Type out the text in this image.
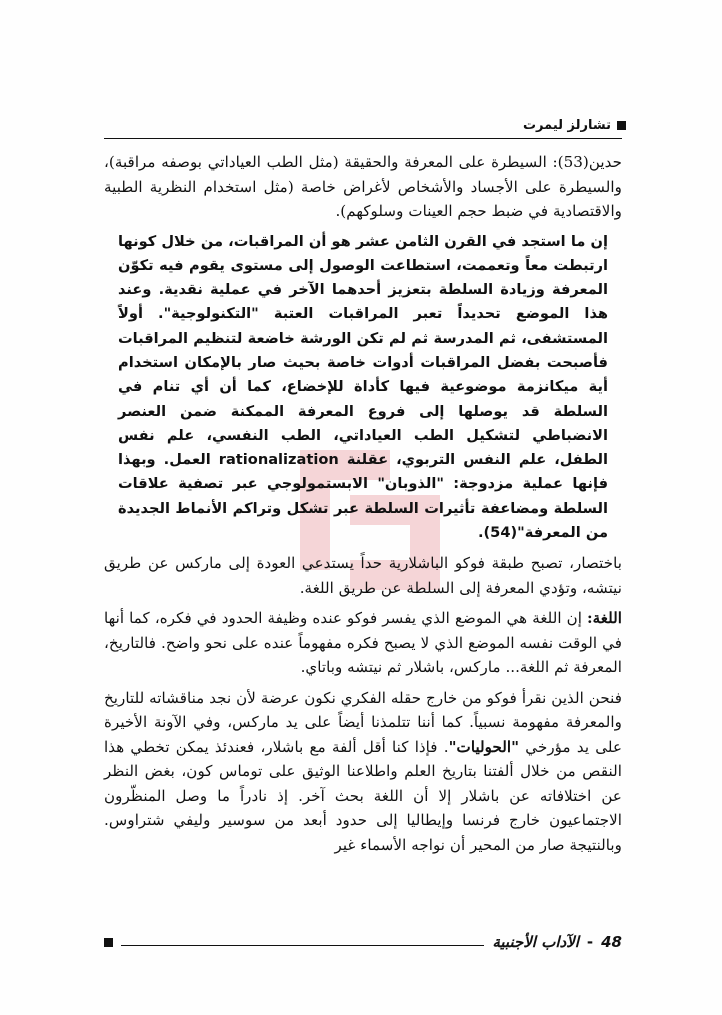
تشارلز ليمرت

حدين(53): السيطرة على المعرفة والحقيقة (مثل الطب العياداتي بوصفه مراقبة)، والسيطرة على الأجساد والأشخاص لأغراض خاصة (مثل استخدام النظرية الطبية والاقتصادية في ضبط حجم العينات وسلوكهم).

إن ما استجد في القرن الثامن عشر هو أن المراقبات، من خلال كونها ارتبطت معاً وتعممت، استطاعت الوصول إلى مستوى يقوم فيه تكوّن المعرفة وزيادة السلطة بتعزيز أحدهما الآخر في عملية نقدية. وعند هذا الموضع تحديداً تعبر المراقبات العتبة "التكنولوجية". أولاً المستشفى، ثم المدرسة ثم لم تكن الورشة خاضعة لتنظيم المراقبات فأصبحت بفضل المراقبات أدوات خاصة بحيث صار بالإمكان استخدام أية ميكانزمة موضوعية فيها كأداة للإخضاع، كما أن أي تنام في السلطة قد يوصلها إلى فروع المعرفة الممكنة ضمن العنصر الانضباطي لتشكيل الطب العياداتي، الطب النفسي، علم نفس الطفل، علم النفس التربوي، عقلنة rationalization العمل. وبهذا فإنها عملية مزدوجة: "الذوبان" الابستمولوجي عبر تصفية علاقات السلطة ومضاعفة تأثيرات السلطة عبر تشكل وتراكم الأنماط الجديدة من المعرفة"(54).

باختصار، تصبح طبقة فوكو الباشلارية حداً يستدعي العودة إلى ماركس عن طريق نيتشه، وتؤدي المعرفة إلى السلطة عن طريق اللغة.

اللغة: إن اللغة هي الموضع الذي يفسر فوكو عنده وظيفة الحدود في فكره، كما أنها في الوقت نفسه الموضع الذي لا يصبح فكره مفهوماً عنده على نحو واضح. فالتاريخ، المعرفة ثم اللغة... ماركس، باشلار ثم نيتشه وباتاي.

فنحن الذين نقرأ فوكو من خارج حقله الفكري نكون عرضة لأن نجد مناقشاته للتاريخ والمعرفة مفهومة نسبياً. كما أننا تتلمذنا أيضاً على يد ماركس، وفي الآونة الأخيرة على يد مؤرخي "الحوليات". فإذا كنا أقل ألفة مع باشلار، فعندئذ يمكن تخطي هذا النقص من خلال ألفتنا بتاريخ العلم واطلاعنا الوثيق على توماس كون، بغض النظر عن اختلافاته عن باشلار إلا أن اللغة بحث آخر. إذ نادراً ما وصل المنظّرون الاجتماعيون خارج فرنسا وإيطاليا إلى حدود أبعد من سوسير وليفي شتراوس. وبالنتيجة صار من المحير أن نواجه الأسماء غير

48
-
الآداب الأجنبية
